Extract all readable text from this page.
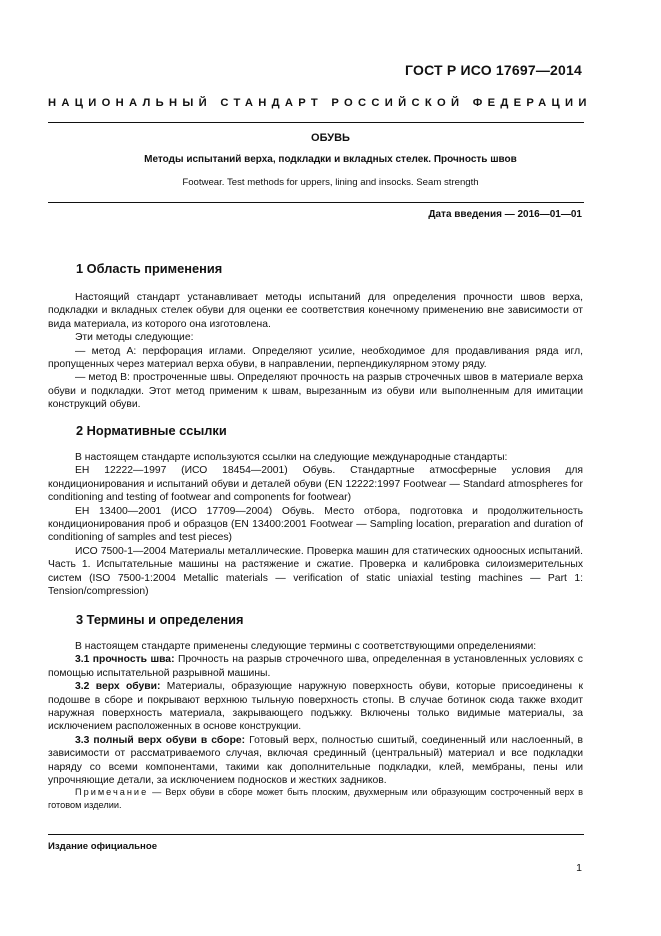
ГОСТ Р ИСО 17697—2014
НАЦИОНАЛЬНЫЙ СТАНДАРТ РОССИЙСКОЙ ФЕДЕРАЦИИ
ОБУВЬ
Методы испытаний верха, подкладки и вкладных стелек. Прочность швов
Footwear. Test methods for uppers, lining and insocks. Seam strength
Дата введения — 2016—01—01
1 Область применения
Настоящий стандарт устанавливает методы испытаний для определения прочности швов верха, подкладки и вкладных стелек обуви для оценки ее соответствия конечному применению вне зависимости от вида материала, из которого она изготовлена.
Эти методы следующие:
— метод А: перфорация иглами. Определяют усилие, необходимое для продавливания ряда игл, пропущенных через материал верха обуви, в направлении, перпендикулярном этому ряду.
— метод В: простроченные швы. Определяют прочность на разрыв строчечных швов в материале верха обуви и подкладки. Этот метод применим к швам, вырезанным из обуви или выполненным для имитации конструкций обуви.
2 Нормативные ссылки
В настоящем стандарте используются ссылки на следующие международные стандарты:
ЕН 12222—1997 (ИСО 18454—2001) Обувь. Стандартные атмосферные условия для кондиционирования и испытаний обуви и деталей обуви (EN 12222:1997 Footwear — Standard atmospheres for conditioning and testing of footwear and components for footwear)
ЕН 13400—2001 (ИСО 17709—2004) Обувь. Место отбора, подготовка и продолжительность кондиционирования проб и образцов (EN 13400:2001 Footwear — Sampling location, preparation and duration of conditioning of samples and test pieces)
ИСО 7500-1—2004 Материалы металлические. Проверка машин для статических одноосных испытаний. Часть 1. Испытательные машины на растяжение и сжатие. Проверка и калибровка силоизмерительных систем (ISO 7500-1:2004 Metallic materials — verification of static uniaxial testing machines — Part 1: Tension/compression)
3 Термины и определения
В настоящем стандарте применены следующие термины с соответствующими определениями:
3.1 прочность шва: Прочность на разрыв строчечного шва, определенная в установленных условиях с помощью испытательной разрывной машины.
3.2 верх обуви: Материалы, образующие наружную поверхность обуви, которые присоединены к подошве в сборе и покрывают верхнюю тыльную поверхность стопы. В случае ботинок сюда также входит наружная поверхность материала, закрывающего подъжку. Включены только видимые материалы, за исключением расположенных в основе конструкции.
3.3 полный верх обуви в сборе: Готовый верх, полностью сшитый, соединенный или наслоенный, в зависимости от рассматриваемого случая, включая срединный (центральный) материал и все подкладки наряду со всеми компонентами, такими как дополнительные подкладки, клей, мембраны, пены или упрочняющие детали, за исключением подносков и жестких задников.
Примечание — Верх обуви в сборе может быть плоским, двухмерным или образующим состроченный верх в готовом изделии.
Издание официальное
1
